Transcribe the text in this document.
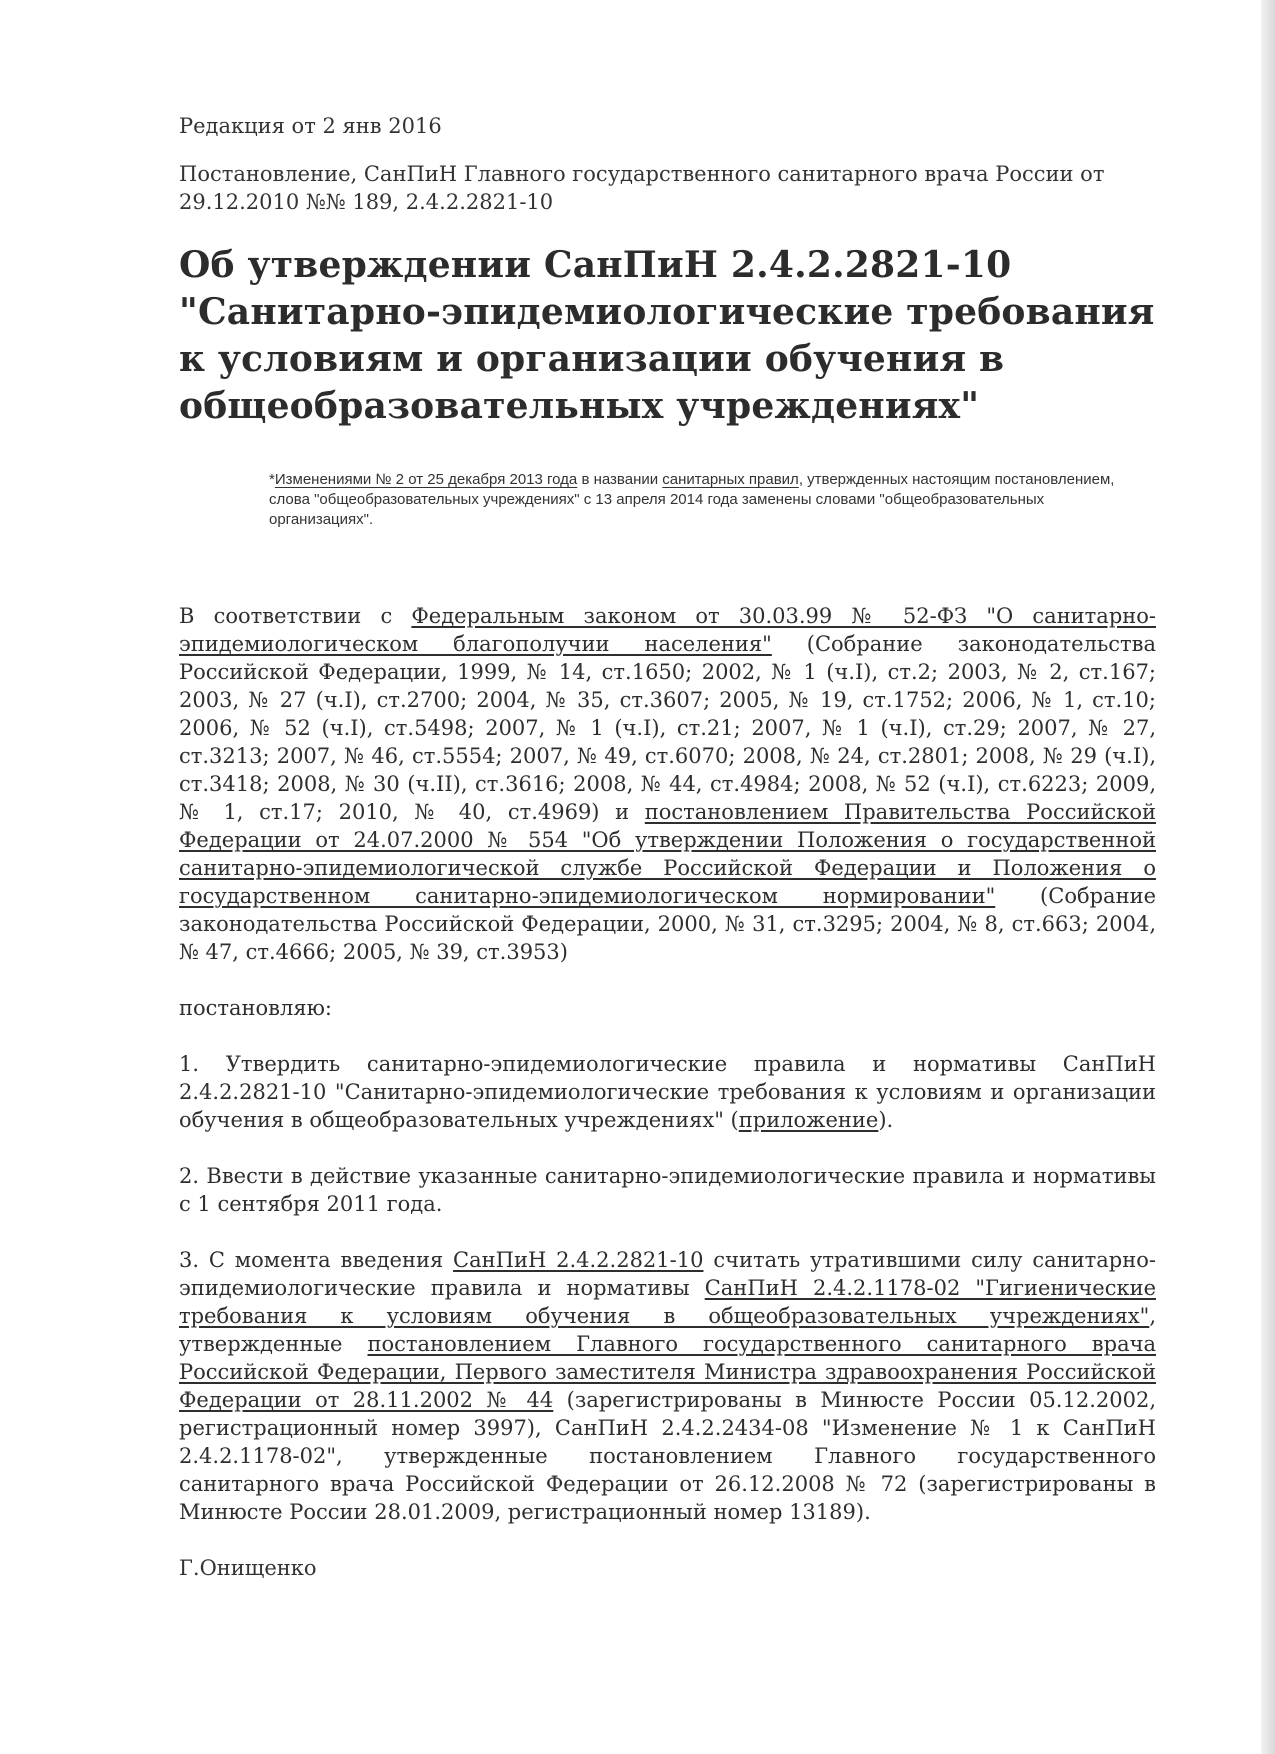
Редакция от 2 янв 2016

Постановление, СанПиН Главного государственного санитарного врача России от 29.12.2010 №№ 189, 2.4.2.2821-10

Об утверждении СанПиН 2.4.2.2821-10 "Санитарно-эпидемиологические требования к условиям и организации обучения в общеобразовательных учреждениях"

*Изменениями № 2 от 25 декабря 2013 года в названии санитарных правил, утвержденных настоящим постановлением, слова "общеобразовательных учреждениях" с 13 апреля 2014 года заменены словами "общеобразовательных организациях".

В соответствии с Федеральным законом от 30.03.99 № 52-ФЗ "О санитарно-эпидемиологическом благополучии населения" (Собрание законодательства Российской Федерации, 1999, № 14, ст.1650; 2002, № 1 (ч.I), ст.2; 2003, № 2, ст.167; 2003, № 27 (ч.I), ст.2700; 2004, № 35, ст.3607; 2005, № 19, ст.1752; 2006, № 1, ст.10; 2006, № 52 (ч.I), ст.5498; 2007, № 1 (ч.I), ст.21; 2007, № 1 (ч.I), ст.29; 2007, № 27, ст.3213; 2007, № 46, ст.5554; 2007, № 49, ст.6070; 2008, № 24, ст.2801; 2008, № 29 (ч.I), ст.3418; 2008, № 30 (ч.II), ст.3616; 2008, № 44, ст.4984; 2008, № 52 (ч.I), ст.6223; 2009, № 1, ст.17; 2010, № 40, ст.4969) и постановлением Правительства Российской Федерации от 24.07.2000 № 554 "Об утверждении Положения о государственной санитарно-эпидемиологической службе Российской Федерации и Положения о государственном санитарно-эпидемиологическом нормировании" (Собрание законодательства Российской Федерации, 2000, № 31, ст.3295; 2004, № 8, ст.663; 2004, № 47, ст.4666; 2005, № 39, ст.3953)

постановляю:

1. Утвердить санитарно-эпидемиологические правила и нормативы СанПиН 2.4.2.2821-10 "Санитарно-эпидемиологические требования к условиям и организации обучения в общеобразовательных учреждениях" (приложение).

2. Ввести в действие указанные санитарно-эпидемиологические правила и нормативы с 1 сентября 2011 года.

3. С момента введения СанПиН 2.4.2.2821-10 считать утратившими силу санитарно-эпидемиологические правила и нормативы СанПиН 2.4.2.1178-02 "Гигиенические требования к условиям обучения в общеобразовательных учреждениях", утвержденные постановлением Главного государственного санитарного врача Российской Федерации, Первого заместителя Министра здравоохранения Российской Федерации от 28.11.2002 № 44 (зарегистрированы в Минюсте России 05.12.2002, регистрационный номер 3997), СанПиН 2.4.2.2434-08 "Изменение № 1 к СанПиН 2.4.2.1178-02", утвержденные постановлением Главного государственного санитарного врача Российской Федерации от 26.12.2008 № 72 (зарегистрированы в Минюсте России 28.01.2009, регистрационный номер 13189).

Г.Онищенко
